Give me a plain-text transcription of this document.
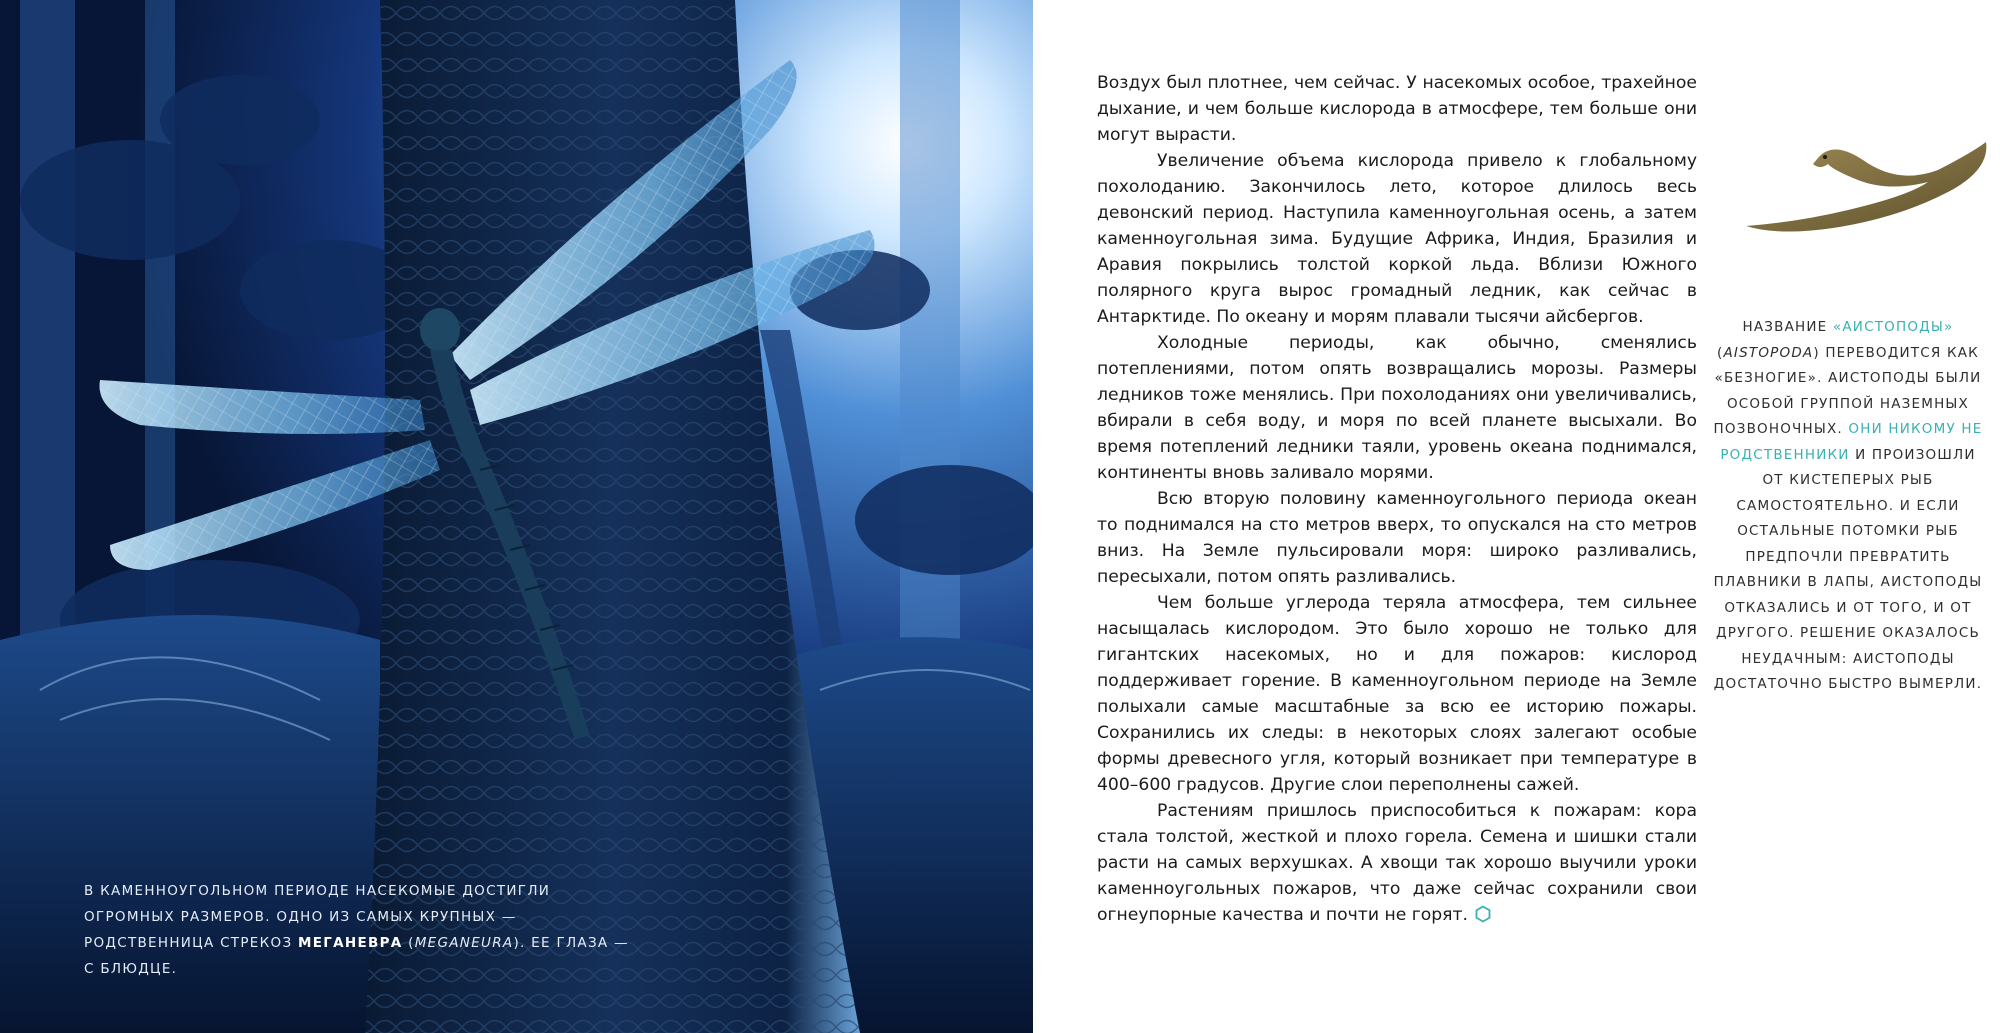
В КАМЕННОУГОЛЬНОМ ПЕРИОДЕ НАСЕКОМЫЕ ДОСТИГЛИ ОГРОМНЫХ РАЗМЕРОВ. ОДНО ИЗ САМЫХ КРУПНЫХ — РОДСТВЕННИЦА СТРЕКОЗ МЕГАНЕВРА (MEGANEURA). ЕЕ ГЛАЗА — С БЛЮДЦЕ.

Воздух был плотнее, чем сейчас. У насекомых особое, трахейное дыхание, и чем больше кислорода в атмосфере, тем больше они могут вырасти.

Увеличение объема кислорода привело к глобальному похолоданию. Закончилось лето, которое длилось весь девонский период. Наступила каменноугольная осень, а затем каменноугольная зима. Будущие Африка, Индия, Бразилия и Аравия покрылись толстой коркой льда. Вблизи Южного полярного круга вырос громадный ледник, как сейчас в Антарктиде. По океану и морям плавали тысячи айсбергов.

Холодные периоды, как обычно, сменялись потеплениями, потом опять возвращались морозы. Размеры ледников тоже менялись. При похолоданиях они увеличивались, вбирали в себя воду, и моря по всей планете высыхали. Во время потеплений ледники таяли, уровень океана поднимался, континенты вновь заливало морями.

Всю вторую половину каменноугольного периода океан то поднимался на сто метров вверх, то опускался на сто метров вниз. На Земле пульсировали моря: широко разливались, пересыхали, потом опять разливались.

Чем больше углерода теряла атмосфера, тем сильнее насыщалась кислородом. Это было хорошо не только для гигантских насекомых, но и для пожаров: кислород поддерживает горение. В каменноугольном периоде на Земле полыхали самые масштабные за всю ее историю пожары. Сохранились их следы: в некоторых слоях залегают особые формы древесного угля, который возникает при температуре в 400–600 градусов. Другие слои переполнены сажей.

Растениям пришлось приспособиться к пожарам: кора стала толстой, жесткой и плохо горела. Семена и шишки стали расти на самых верхушках. А хвощи так хорошо выучили уроки каменноугольных пожаров, что даже сейчас сохранили свои огнеупорные качества и почти не горят.

НАЗВАНИЕ «АИСТОПОДЫ»
(AISTOPODA) ПЕРЕВОДИТСЯ КАК «БЕЗНОГИЕ». АИСТОПОДЫ БЫЛИ ОСОБОЙ ГРУППОЙ НАЗЕМНЫХ ПОЗВОНОЧНЫХ. ОНИ НИКОМУ НЕ РОДСТВЕННИКИ И ПРОИЗОШЛИ ОТ КИСТЕПЕРЫХ РЫБ САМОСТОЯТЕЛЬНО. И ЕСЛИ ОСТАЛЬНЫЕ ПОТОМКИ РЫБ ПРЕДПОЧЛИ ПРЕВРАТИТЬ ПЛАВНИКИ В ЛАПЫ, АИСТОПОДЫ ОТКАЗАЛИСЬ И ОТ ТОГО, И ОТ ДРУГОГО. РЕШЕНИЕ ОКАЗАЛОСЬ НЕУДАЧНЫМ: АИСТОПОДЫ ДОСТАТОЧНО БЫСТРО ВЫМЕРЛИ.
